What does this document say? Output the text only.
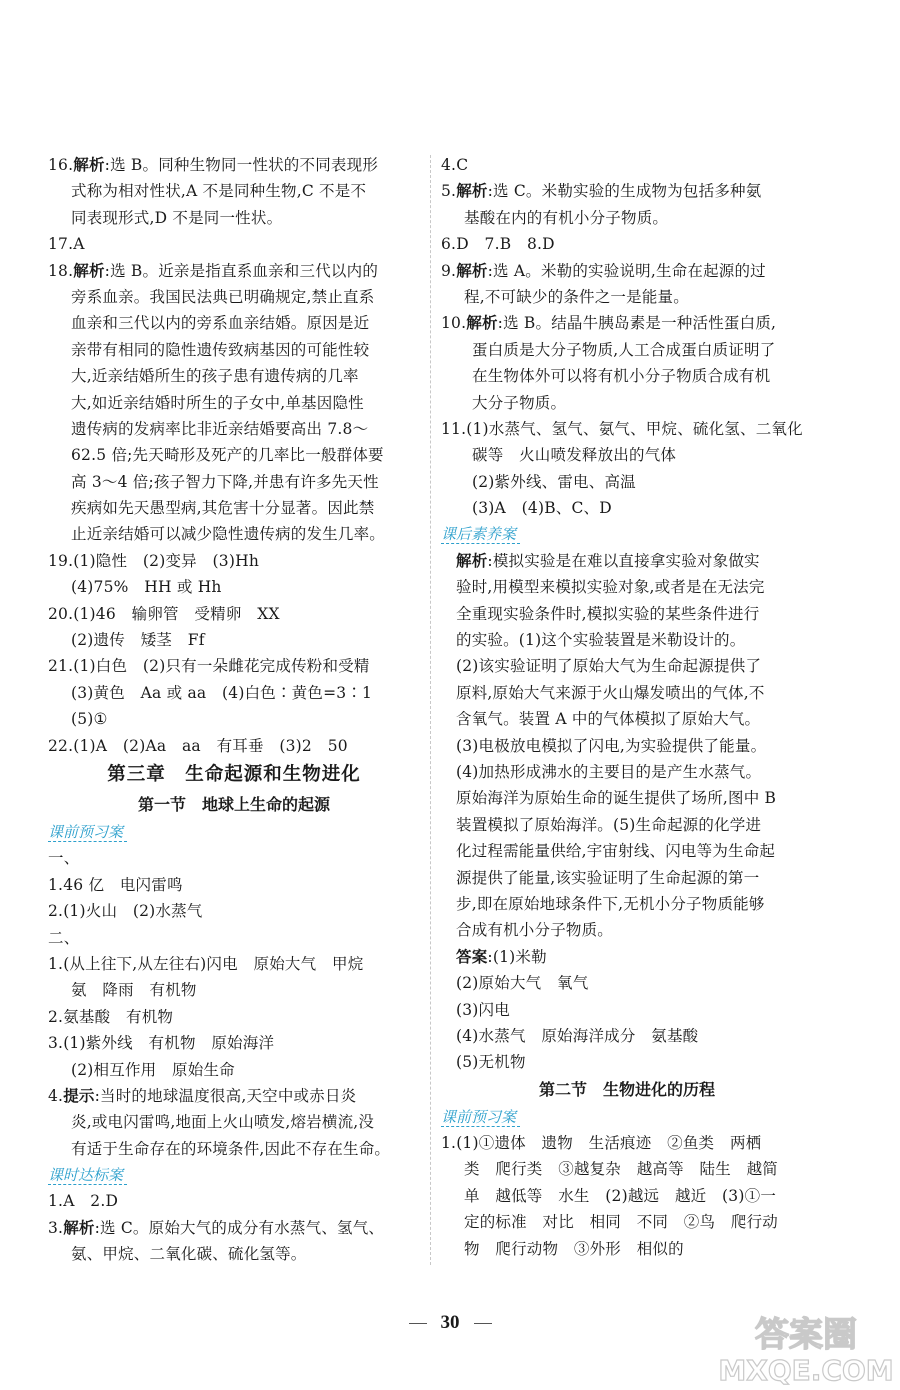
16.解析:选 B。同种生物同一性状的不同表现形
式称为相对性状,A 不是同种生物,C 不是不
同表现形式,D 不是同一性状。
17.A
18.解析:选 B。近亲是指直系血亲和三代以内的
旁系血亲。我国民法典已明确规定,禁止直系
血亲和三代以内的旁系血亲结婚。原因是近
亲带有相同的隐性遗传致病基因的可能性较
大,近亲结婚所生的孩子患有遗传病的几率
大,如近亲结婚时所生的子女中,单基因隐性
遗传病的发病率比非近亲结婚要高出 7.8～
62.5 倍;先天畸形及死产的几率比一般群体要
高 3～4 倍;孩子智力下降,并患有许多先天性
疾病如先天愚型病,其危害十分显著。因此禁
止近亲结婚可以减少隐性遗传病的发生几率。
19.(1)隐性　(2)变异　(3)Hh
(4)75%　HH 或 Hh
20.(1)46　输卵管　受精卵　XX
(2)遗传　矮茎　Ff
21.(1)白色　(2)只有一朵雌花完成传粉和受精
(3)黄色　Aa 或 aa　(4)白色∶黄色=3∶1
(5)①
22.(1)A　(2)Aa　aa　有耳垂　(3)2　50
第三章　生命起源和生物进化
第一节　地球上生命的起源
课前预习案
一、
1.46 亿　电闪雷鸣
2.(1)火山　(2)水蒸气
二、
1.(从上往下,从左往右)闪电　原始大气　甲烷
氨　降雨　有机物
2.氨基酸　有机物
3.(1)紫外线　有机物　原始海洋
(2)相互作用　原始生命
4.提示:当时的地球温度很高,天空中或赤日炎
炎,或电闪雷鸣,地面上火山喷发,熔岩横流,没
有适于生命存在的环境条件,因此不存在生命。
课时达标案
1.A　2.D
3.解析:选 C。原始大气的成分有水蒸气、氢气、
氨、甲烷、二氧化碳、硫化氢等。
4.C
5.解析:选 C。米勒实验的生成物为包括多种氨
基酸在内的有机小分子物质。
6.D　7.B　8.D
9.解析:选 A。米勒的实验说明,生命在起源的过
程,不可缺少的条件之一是能量。
10.解析:选 B。结晶牛胰岛素是一种活性蛋白质,
蛋白质是大分子物质,人工合成蛋白质证明了
在生物体外可以将有机小分子物质合成有机
大分子物质。
11.(1)水蒸气、氢气、氨气、甲烷、硫化氢、二氧化
碳等　火山喷发释放出的气体
(2)紫外线、雷电、高温
(3)A　(4)B、C、D
课后素养案
解析:模拟实验是在难以直接拿实验对象做实
验时,用模型来模拟实验对象,或者是在无法完
全重现实验条件时,模拟实验的某些条件进行
的实验。(1)这个实验装置是米勒设计的。
(2)该实验证明了原始大气为生命起源提供了
原料,原始大气来源于火山爆发喷出的气体,不
含氧气。装置 A 中的气体模拟了原始大气。
(3)电极放电模拟了闪电,为实验提供了能量。
(4)加热形成沸水的主要目的是产生水蒸气。
原始海洋为原始生命的诞生提供了场所,图中 B
装置模拟了原始海洋。(5)生命起源的化学进
化过程需能量供给,宇宙射线、闪电等为生命起
源提供了能量,该实验证明了生命起源的第一
步,即在原始地球条件下,无机小分子物质能够
合成有机小分子物质。
答案:(1)米勒
(2)原始大气　氧气
(3)闪电
(4)水蒸气　原始海洋成分　氨基酸
(5)无机物
第二节　生物进化的历程
课前预习案
1.(1)①遗体　遗物　生活痕迹　②鱼类　两栖
类　爬行类　③越复杂　越高等　陆生　越简
单　越低等　水生　(2)越远　越近　(3)①一
定的标准　对比　相同　不同　②鸟　爬行动
物　爬行动物　③外形　相似的
30	答案圈
MXQE.COM
